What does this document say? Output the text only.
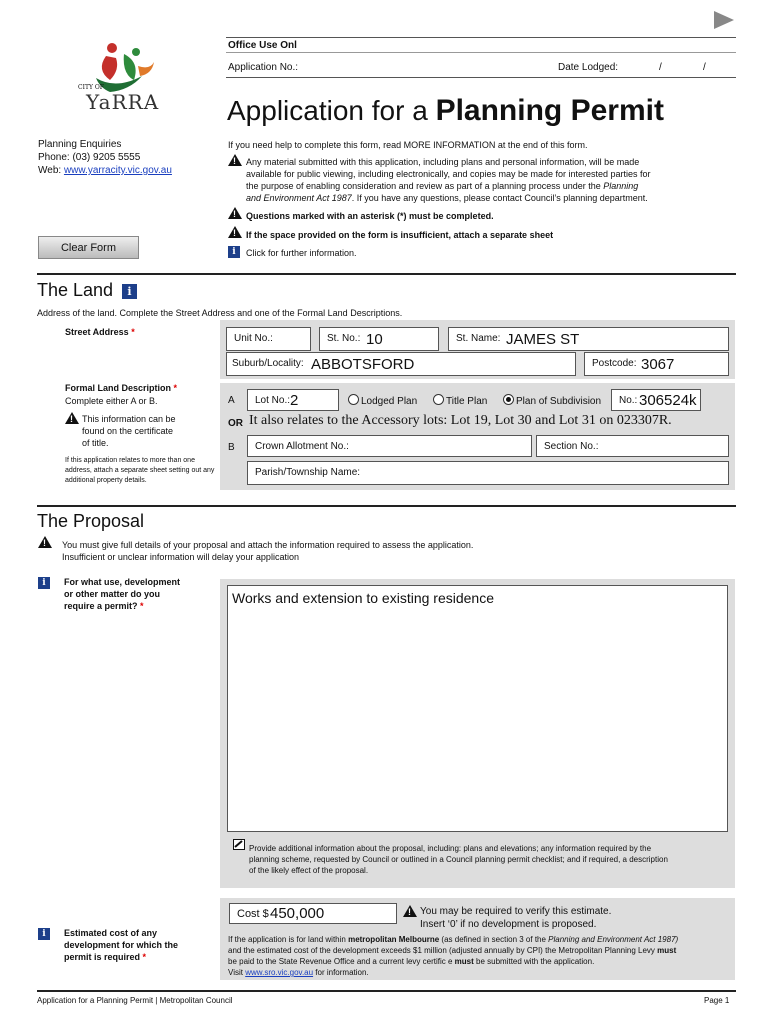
Office Use Onl
Application No.:	Date Lodged:	/	/
CITY OF
YaRRA Application for a Planning Permit
Planning Enquiries
Phone: (03) 9205 5555
Web: www.yarracity.vic.gov.au
If you need help to complete this form, read MORE INFORMATION at the end of this form.
!
Any material submitted with this application, including plans and personal information, will be made
available for public viewing, including electronically, and copies may be made for interested parties for
the purpose of enabling consideration and review as part of a planning process under the Planning
and Environment Act 1987. If you have any questions, please contact Council’s planning department.
!
Questions marked with an asterisk (*) must be completed.
!
If the space provided on the form is insufficient, attach a separate sheet
i	Click for further information.
Clear Form
The Land	i
Address of the land. Complete the Street Address and one of the Formal Land Descriptions.
Street Address *
Unit No.:	St. No.: 10	St. Name: JAMES ST
Suburb/Locality: ABBOTSFORD	Postcode: 3067
Formal Land Description *
Complete either A or B.
!
This information can be
found on the certificate
of title.
If this application relates to more than one address, attach a separate sheet setting out any additional property details.
A Lot No.: 2	Lodged Plan	Title Plan	Plan of Subdivision No.: 306524k
OR It also relates to the Accessory lots: Lot 19, Lot 30 and Lot 31 on 023307R.
B Crown Allotment No.:	Section No.:
Parish/Township Name:
The Proposal
!
You must give full details of your proposal and attach the information required to assess the application.
Insufficient or unclear information will delay your application
i	For what use, development
or other matter do you
require a permit? *	Works and extension to existing residence
Provide additional information about the proposal, including: plans and elevations; any information required by the
planning scheme, requested by Council or outlined in a Council planning permit checklist; and if required, a description
of the likely effect of the proposal.
Cost $ 450,000
!	You may be required to verify this estimate.
Insert ‘0’ if no development is proposed.
i	Estimated cost of any
development for which the
permit is required *
If the application is for land within metropolitan Melbourne (as defined in section 3 of the Planning and Environment Act 1987)
and the estimated cost of the development exceeds $1 million (adjusted annually by CPI) the Metropolitan Planning Levy must
be paid to the State Revenue Office and a current levy certific e must be submitted with the application.
Visit www.sro.vic.gov.au for information.
Application for a Planning Permit | Metropolitan Council	Page 1
